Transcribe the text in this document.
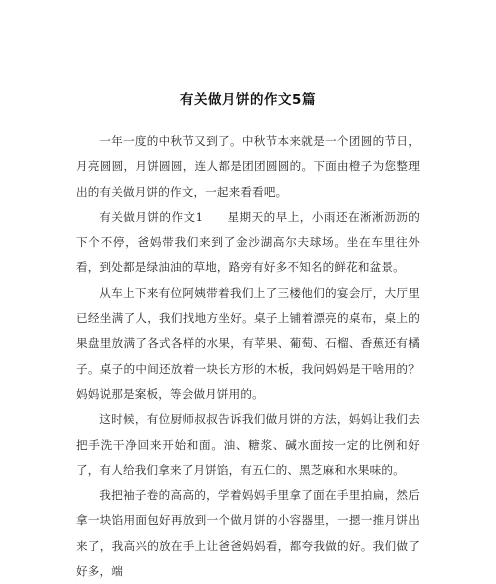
有关做月饼的作文5篇

一年一度的中秋节又到了。中秋节本来就是一个团圆的节日，月亮圆圆，月饼圆圆，连人都是团团圆圆的。下面由橙子为您整理出的有关做月饼的作文，一起来看看吧。

有关做月饼的作文1　　星期天的早上，小雨还在淅淅沥沥的下个不停，爸妈带我们来到了金沙湖高尔夫球场。坐在车里往外看，到处都是绿油油的草地，路旁有好多不知名的鲜花和盆景。

从车上下来有位阿姨带着我们上了三楼他们的宴会厅，大厅里已经坐满了人，我们找地方坐好。桌子上铺着漂亮的桌布，桌上的果盘里放满了各式各样的水果，有苹果、葡萄、石榴、香蕉还有橘子。桌子的中间还放着一块长方形的木板，我问妈妈是干啥用的？妈妈说那是案板，等会做月饼用的。

这时候，有位厨师叔叔告诉我们做月饼的方法，妈妈让我们去把手洗干净回来开始和面。油、糖浆、碱水面按一定的比例和好了，有人给我们拿来了月饼馅，有五仁的、黑芝麻和水果味的。

我把袖子卷的高高的，学着妈妈手里拿了面在手里拍扁，然后拿一块馅用面包好再放到一个做月饼的小容器里，一摁一推月饼出来了，我高兴的放在手上让爸爸妈妈看，都夸我做的好。我们做了好多，端
